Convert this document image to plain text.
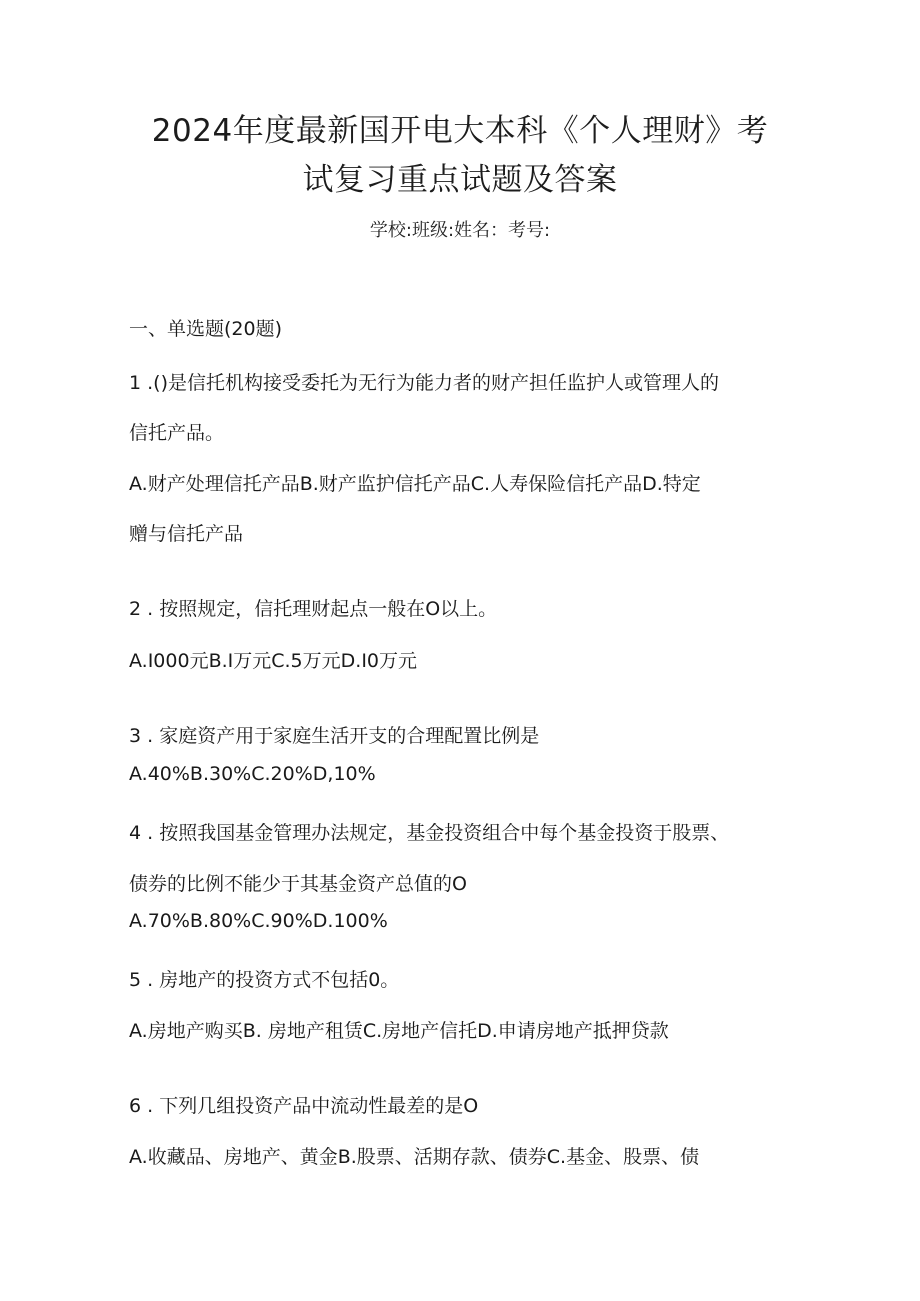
2024年度最新国开电大本科《个人理财》考
试复习重点试题及答案
学校:班级:姓名：考号:
一、单选题(20题)
1 .()是信托机构接受委托为无行为能力者的财产担任监护人或管理人的
信托产品。
A.财产处理信托产品B.财产监护信托产品C.人寿保险信托产品D.特定
赠与信托产品
2 . 按照规定，信托理财起点一般在O以上。
A.I000元B.I万元C.5万元D.I0万元
3 . 家庭资产用于家庭生活开支的合理配置比例是
A.40%B.30%C.20%D,10%
4 . 按照我国基金管理办法规定，基金投资组合中每个基金投资于股票、
债券的比例不能少于其基金资产总值的O
A.70%B.80%C.90%D.100%
5 . 房地产的投资方式不包括0。
A.房地产购买B. 房地产租赁C.房地产信托D.申请房地产抵押贷款
6 . 下列几组投资产品中流动性最差的是O
A.收藏品、房地产、黄金B.股票、活期存款、债券C.基金、股票、债
